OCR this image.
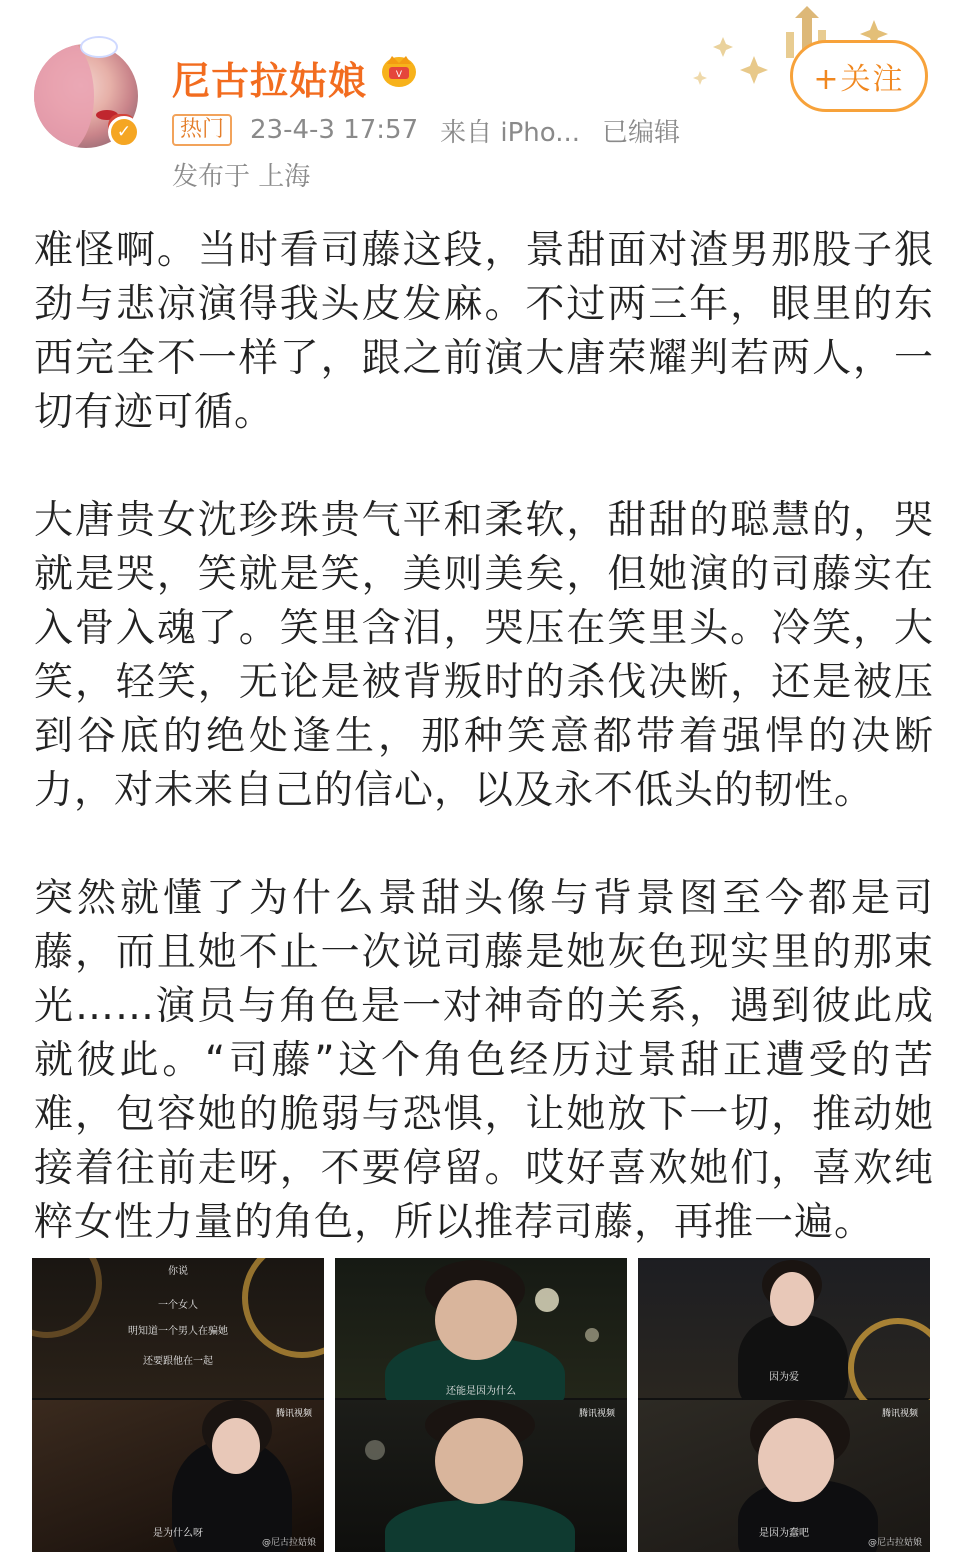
✓
尼古拉姑娘	V
热门	23-4-3 17:57 来自 iPho... 已编辑
发布于 上海
+关注

难怪啊。当时看司藤这段，景甜面对渣男那股子狠劲与悲凉演得我头皮发麻。不过两三年，眼里的东西完全不一样了，跟之前演大唐荣耀判若两人，一切有迹可循。

大唐贵女沈珍珠贵气平和柔软，甜甜的聪慧的，哭就是哭，笑就是笑，美则美矣，但她演的司藤实在入骨入魂了。笑里含泪，哭压在笑里头。冷笑，大笑，轻笑，无论是被背叛时的杀伐决断，还是被压到谷底的绝处逢生，那种笑意都带着强悍的决断力，对未来自己的信心，以及永不低头的韧性。

突然就懂了为什么景甜头像与背景图至今都是司藤，而且她不止一次说司藤是她灰色现实里的那束光……演员与角色是一对神奇的关系，遇到彼此成就彼此。“司藤”这个角色经历过景甜正遭受的苦难，包容她的脆弱与恐惧，让她放下一切，推动她接着往前走呀，不要停留。哎好喜欢她们，喜欢纯粹女性力量的角色，所以推荐司藤，再推一遍。

你说
一个女人
明知道一个男人在骗她
还要跟他在一起
是为什么呀
@尼古拉姑娘
腾讯视频
还能是因为什么
腾讯视频
因为爱
是因为蠢吧
@尼古拉姑娘
腾讯视频
